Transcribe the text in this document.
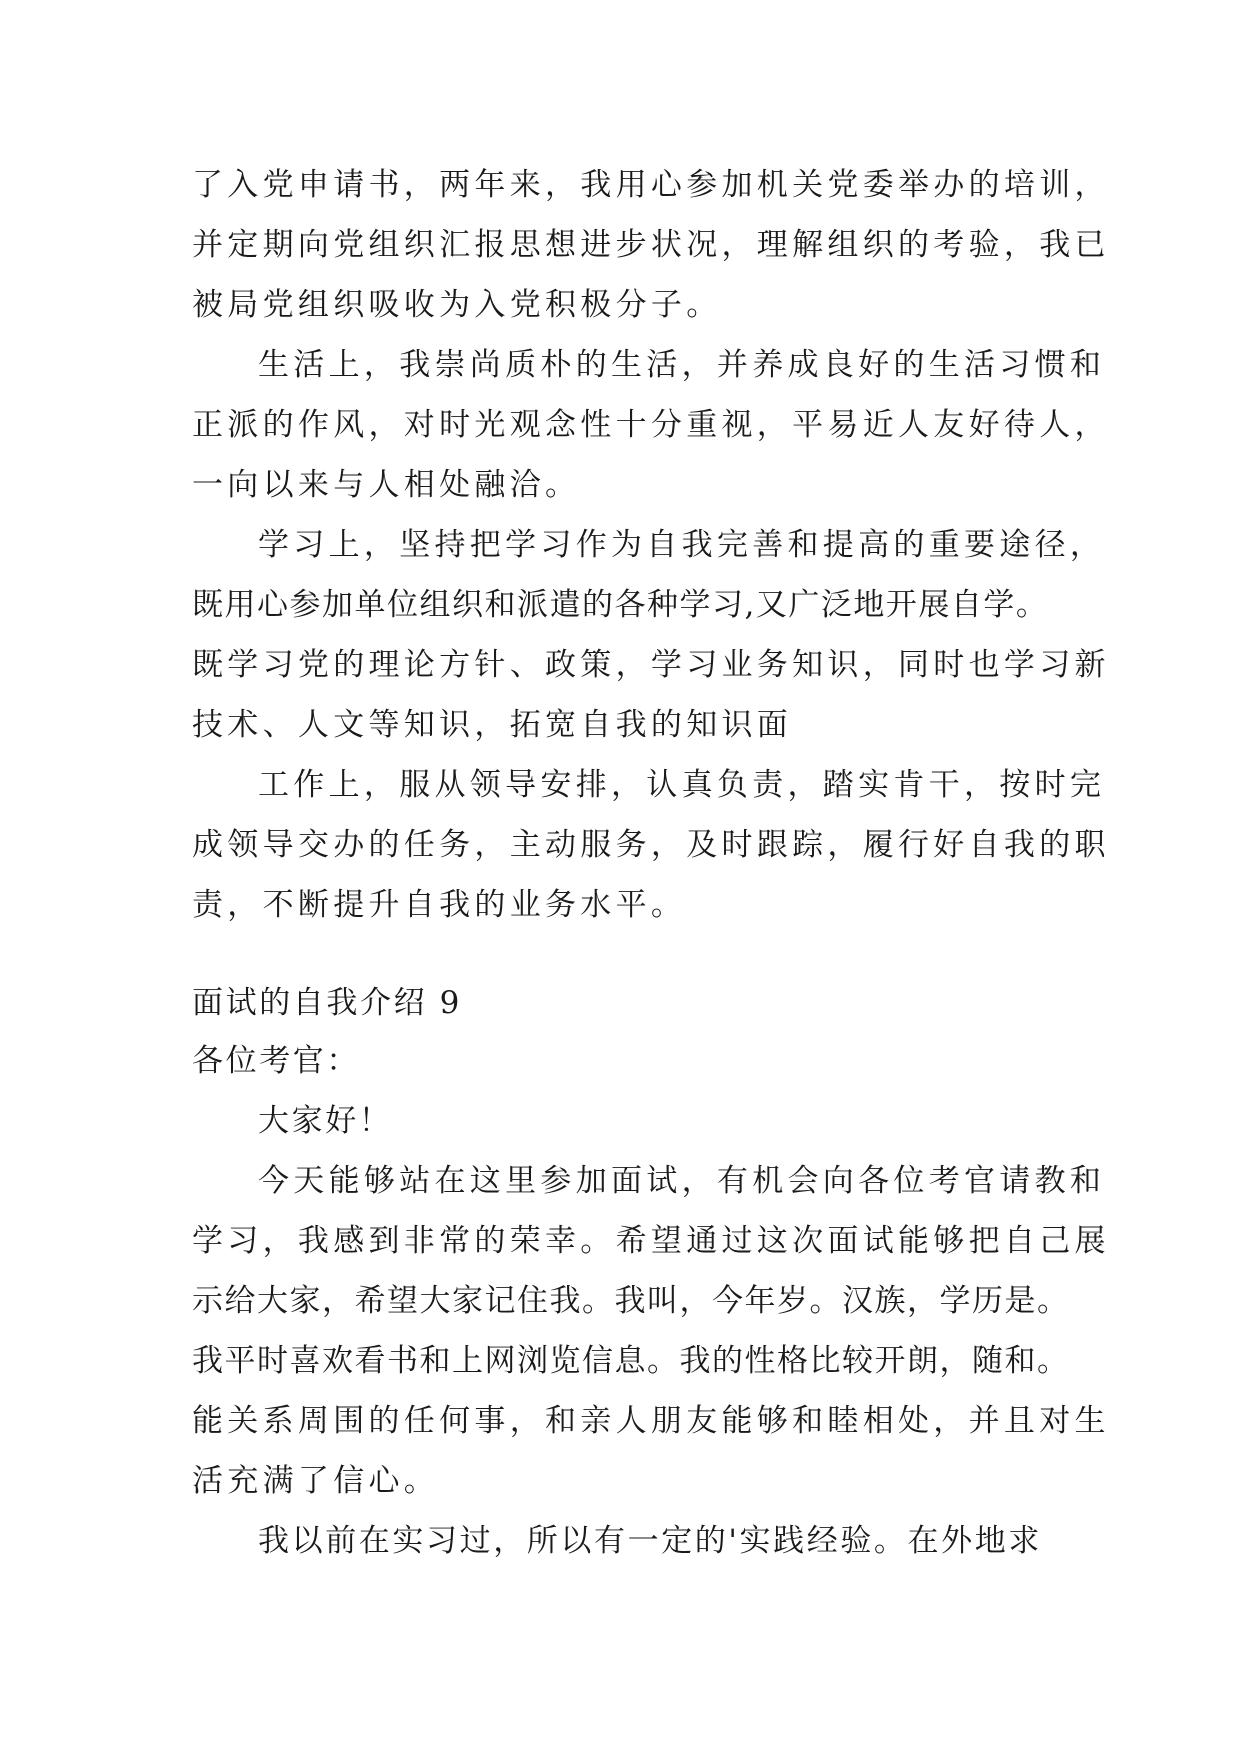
了入党申请书，两年来，我用心参加机关党委举办的培训，
并定期向党组织汇报思想进步状况，理解组织的考验，我已
被局党组织吸收为入党积极分子。
生活上，我崇尚质朴的生活，并养成良好的生活习惯和
正派的作风，对时光观念性十分重视，平易近人友好待人，
一向以来与人相处融洽。
学习上，坚持把学习作为自我完善和提高的重要途径，
既用心参加单位组织和派遣的各种学习,又广泛地开展自学。
既学习党的理论方针、政策，学习业务知识，同时也学习新
技术、人文等知识，拓宽自我的知识面
工作上，服从领导安排，认真负责，踏实肯干，按时完
成领导交办的任务，主动服务，及时跟踪，履行好自我的职
责，不断提升自我的业务水平。
面试的自我介绍 9
各位考官：
大家好！
今天能够站在这里参加面试，有机会向各位考官请教和
学习，我感到非常的荣幸。希望通过这次面试能够把自己展
示给大家，希望大家记住我。我叫，今年岁。汉族，学历是。
我平时喜欢看书和上网浏览信息。我的性格比较开朗，随和。
能关系周围的任何事，和亲人朋友能够和睦相处，并且对生
活充满了信心。
我以前在实习过，所以有一定的'实践经验。在外地求
